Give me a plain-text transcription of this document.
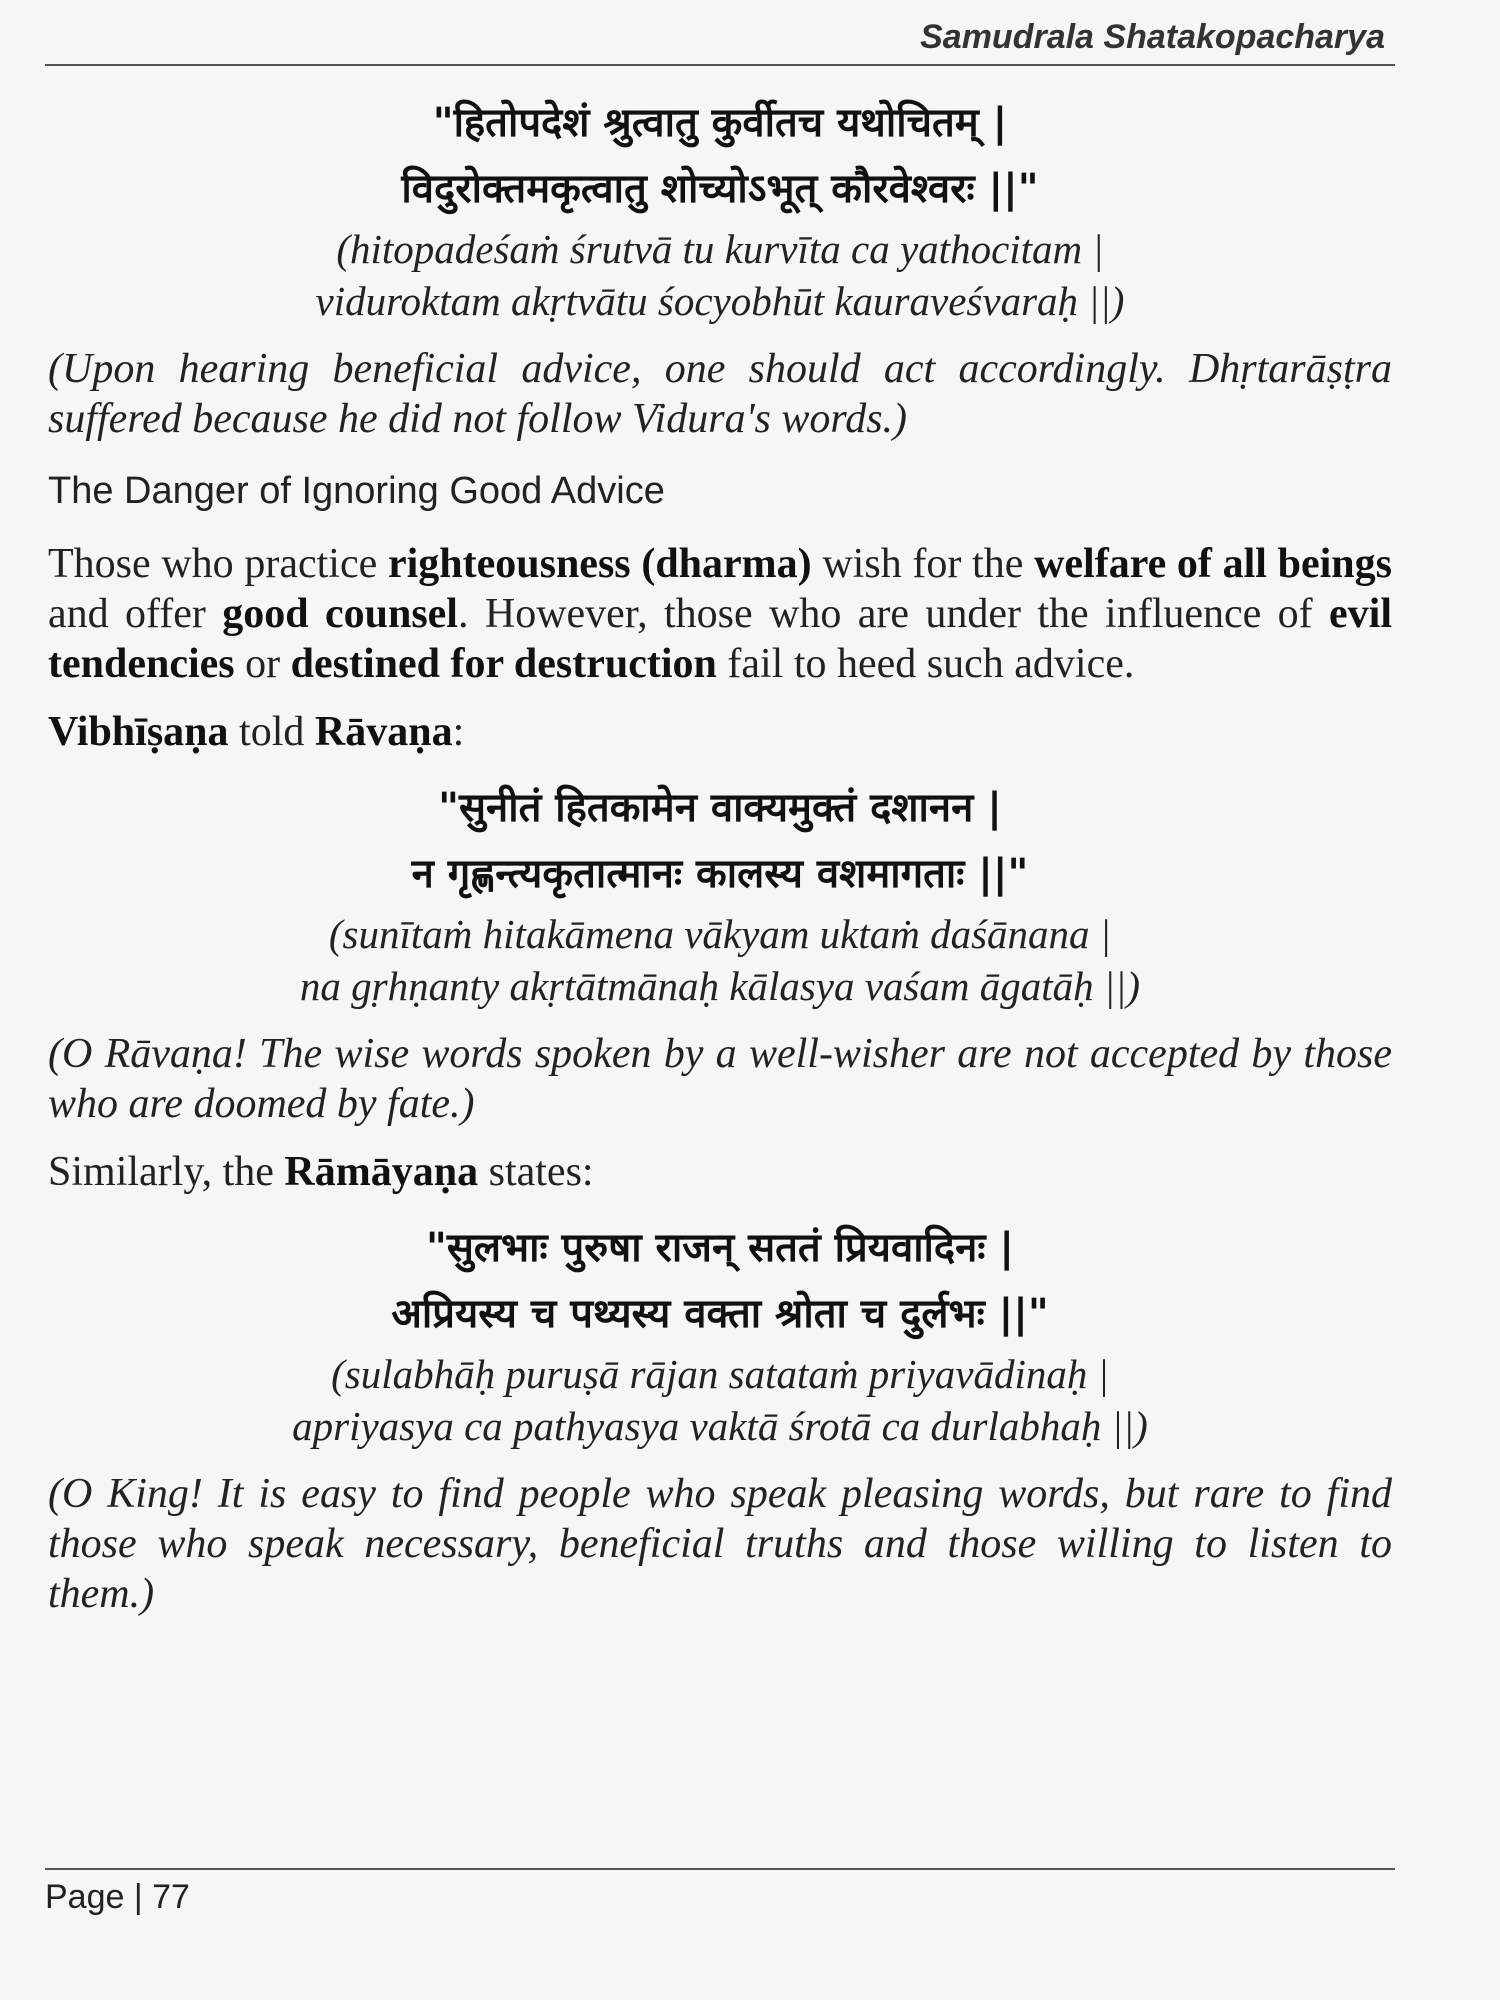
Samudrala Shatakopacharya
"हितोपदेशं श्रुत्वातु कुर्वीतच यथोचितम् |
विदुरोक्तमकृत्वातु शोच्योऽभूत् कौरवेश्वरः ||"
(hitopadeśaṁ śrutvā tu kurvīta ca yathocitam |
viduroktam akṛtvātu śocyobhūt kauraveśvaraḥ ||)
(Upon hearing beneficial advice, one should act accordingly. Dhṛtarāṣṭra suffered because he did not follow Vidura's words.)
The Danger of Ignoring Good Advice
Those who practice righteousness (dharma) wish for the welfare of all beings and offer good counsel. However, those who are under the influence of evil tendencies or destined for destruction fail to heed such advice.
Vibhīṣaṇa told Rāvaṇa:
"सुनीतं हितकामेन वाक्यमुक्तं दशानन |
न गृह्णन्त्यकृतात्मानः कालस्य वशमागताः ||"
(sunītaṁ hitakāmena vākyam uktaṁ daśānana |
na gṛhṇanty akṛtātmānaḥ kālasya vaśam āgatāḥ ||)
(O Rāvaṇa! The wise words spoken by a well-wisher are not accepted by those who are doomed by fate.)
Similarly, the Rāmāyaṇa states:
"सुलभाः पुरुषा राजन् सततं प्रियवादिनः |
अप्रियस्य च पथ्यस्य वक्ता श्रोता च दुर्लभः ||"
(sulabhāḥ puruṣā rājan satataṁ priyavādinaḥ |
apriyasya ca pathyasya vaktā śrotā ca durlabhaḥ ||)
(O King! It is easy to find people who speak pleasing words, but rare to find those who speak necessary, beneficial truths and those willing to listen to them.)
Page | 77
